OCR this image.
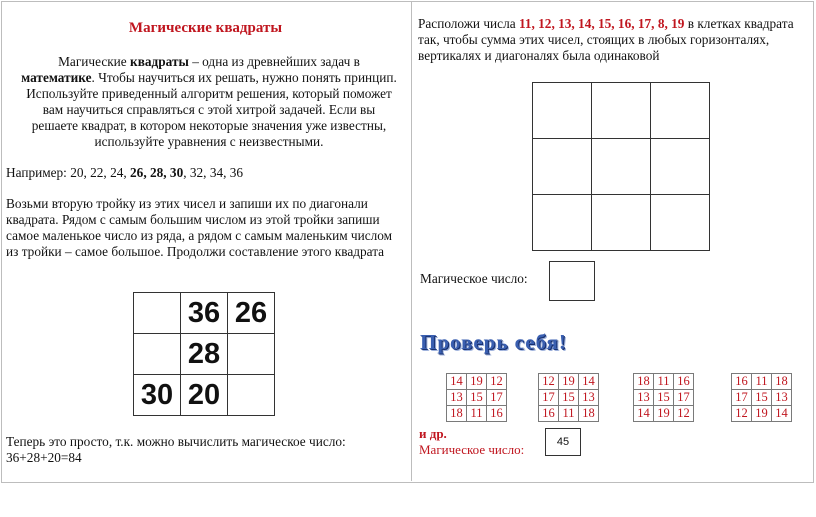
Магические квадраты
Магические квадраты – одна из древнейших задач в математике. Чтобы научиться их решать, нужно понять принцип. Используйте приведенный алгоритм решения, который поможет вам научиться справляться с этой хитрой задачей. Если вы решаете квадрат, в котором некоторые значения уже известны, используйте уравнения с неизвестными.
Например: 20, 22, 24, 26, 28, 30, 32, 34, 36
Возьми вторую тройку из этих чисел и запиши их по диагонали квадрата. Рядом с самым большим числом из этой тройки запиши самое маленькое число из ряда, а рядом с самым маленьким числом из тройки – самое большое. Продолжи составление этого квадрата
	36	26
	28	
30	20	
Теперь это просто, т.к. можно вычислить магическое число:
36+28+20=84
Расположи числа 11, 12, 13, 14, 15, 16, 17, 8, 19 в клетках квадрата так, чтобы сумма этих чисел, стоящих в любых горизонталях, вертикалях и диагоналях была одинаковой

Магическое число:
Проверь себя!
14	19	12
13	15	17
18	11	16
12	19	14
17	15	13
16	11	18
18	11	16
13	15	17
14	19	12
16	11	18
17	15	13
12	19	14
и др.
Магическое число:	45
